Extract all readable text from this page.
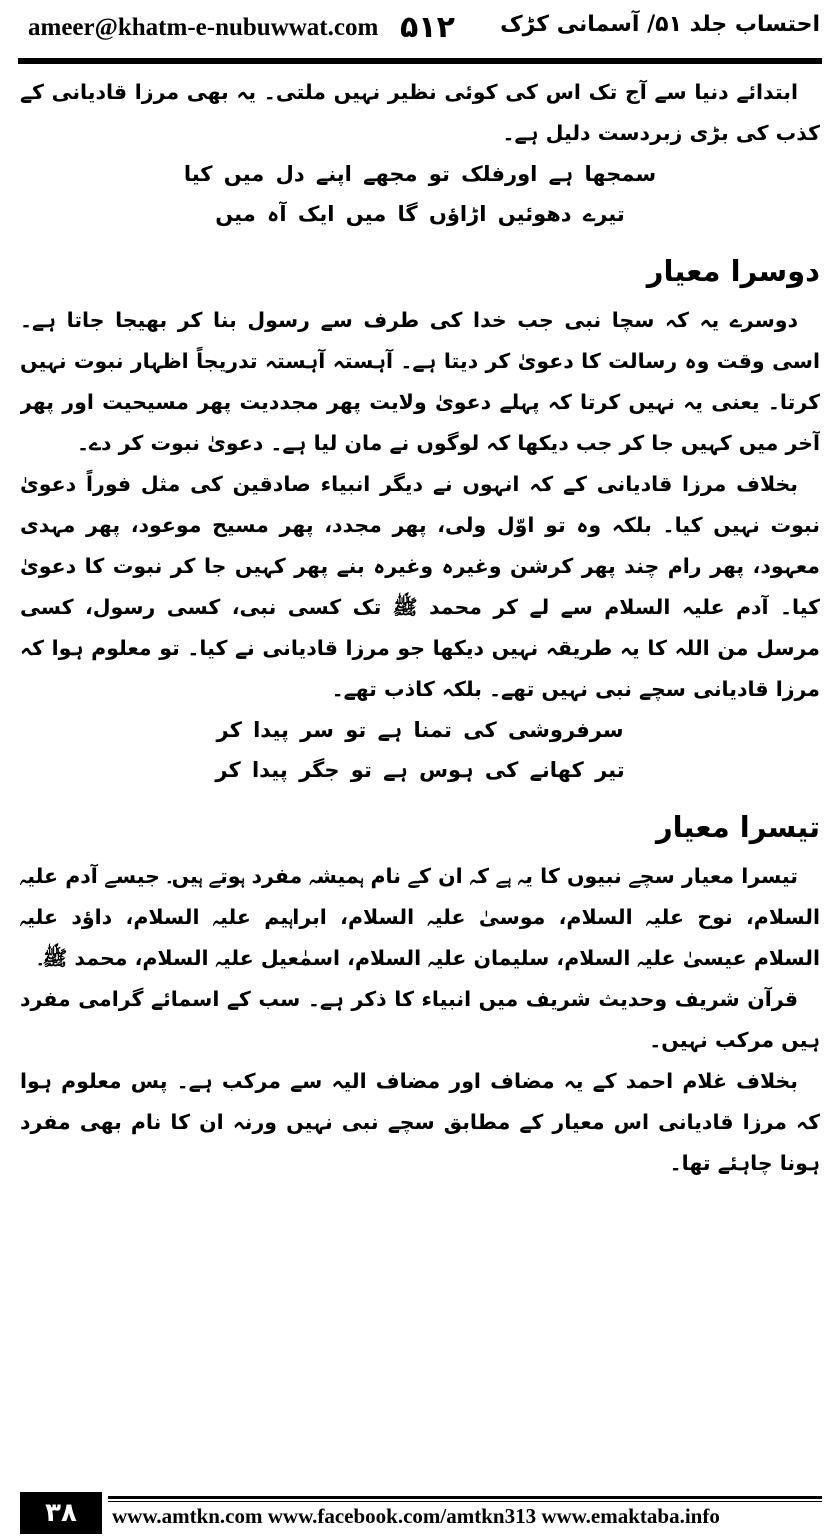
ameer@khatm-e-nubuwwat.com ۵۱۲ احتساب جلد ۵۱/ آسمانی کڑک

ابتدائے دنیا سے آج تک اس کی کوئی نظیر نہیں ملتی۔ یہ بھی مرزا قادیانی کے کذب کی بڑی زبردست دلیل ہے۔

سمجھا ہے اورفلک تو مجھے اپنے دل میں کیا

تیرے دھوئیں اڑاؤں گا میں ایک آہ میں

دوسرا معیار

دوسرے یہ کہ سچا نبی جب خدا کی طرف سے رسول بنا کر بھیجا جاتا ہے۔ اسی وقت وہ رسالت کا دعویٰ کر دیتا ہے۔ آہستہ آہستہ تدریجاً اظہار نبوت نہیں کرتا۔ یعنی یہ نہیں کرتا کہ پہلے دعویٰ ولایت پھر مجددیت پھر مسیحیت اور پھر آخر میں کہیں جا کر جب دیکھا کہ لوگوں نے مان لیا ہے۔ دعویٰ نبوت کر دے۔

بخلاف مرزا قادیانی کے کہ انہوں نے دیگر انبیاء صادقین کی مثل فوراً دعویٰ نبوت نہیں کیا۔ بلکہ وہ تو اوّل ولی، پھر مجدد، پھر مسیح موعود، پھر مہدی معہود، پھر رام چند پھر کرشن وغیرہ وغیرہ بنے پھر کہیں جا کر نبوت کا دعویٰ کیا۔ آدم علیہ السلام سے لے کر محمد ﷺ تک کسی نبی، کسی رسول، کسی مرسل من اللہ کا یہ طریقہ نہیں دیکھا جو مرزا قادیانی نے کیا۔ تو معلوم ہوا کہ مرزا قادیانی سچے نبی نہیں تھے۔ بلکہ کاذب تھے۔

سرفروشی کی تمنا ہے تو سر پیدا کر

تیر کھانے کی ہوس ہے تو جگر پیدا کر

تیسرا معیار

تیسرا معیار سچے نبیوں کا یہ ہے کہ ان کے نام ہمیشہ مفرد ہوتے ہیں۔ جیسے آدم علیہ السلام، نوح علیہ السلام، موسیٰ علیہ السلام، ابراہیم علیہ السلام، داؤد علیہ السلام عیسیٰ علیہ السلام، سلیمان علیہ السلام، اسمٰعیل علیہ السلام، محمد ﷺ۔

قرآن شریف وحدیث شریف میں انبیاء کا ذکر ہے۔ سب کے اسمائے گرامی مفرد ہیں مرکب نہیں۔

بخلاف غلام احمد کے یہ مضاف اور مضاف الیہ سے مرکب ہے۔ پس معلوم ہوا کہ مرزا قادیانی اس معیار کے مطابق سچے نبی نہیں ورنہ ان کا نام بھی مفرد ہونا چاہئے تھا۔

۳۸	www.amtkn.com www.facebook.com/amtkn313 www.emaktaba.info
